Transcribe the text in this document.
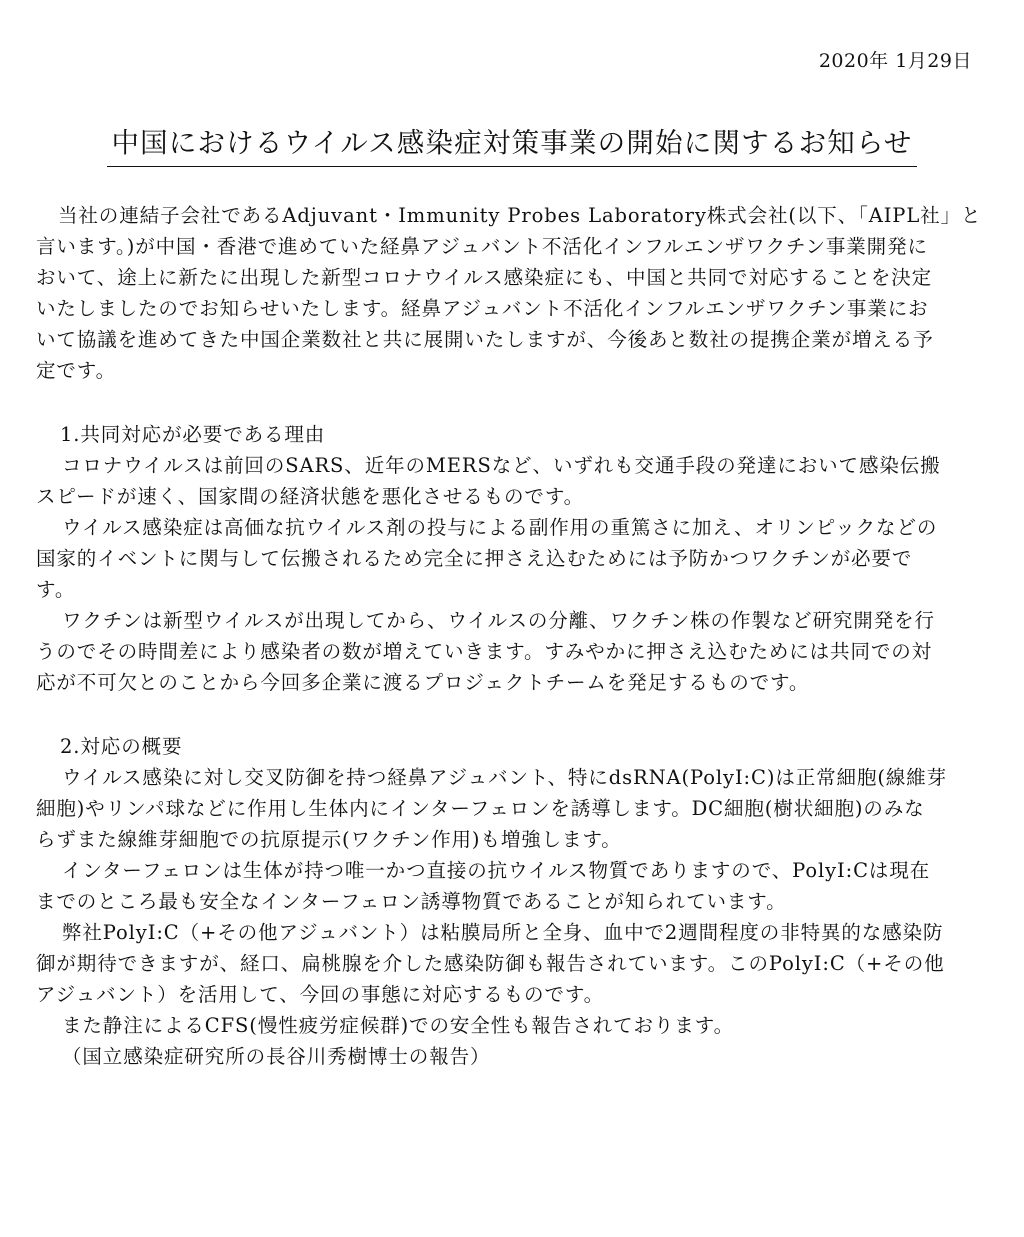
2020年 1月29日
中国におけるウイルス感染症対策事業の開始に関するお知らせ
当社の連結子会社であるAdjuvant・Immunity Probes Laboratory株式会社(以下、「AIPL社」と
言います。)が中国・香港で進めていた経鼻アジュバント不活化インフルエンザワクチン事業開発に
おいて、途上に新たに出現した新型コロナウイルス感染症にも、中国と共同で対応することを決定
いたしましたのでお知らせいたします。経鼻アジュバント不活化インフルエンザワクチン事業にお
いて協議を進めてきた中国企業数社と共に展開いたしますが、今後あと数社の提携企業が増える予
定です。
1.共同対応が必要である理由
コロナウイルスは前回のSARS、近年のMERSなど、いずれも交通手段の発達において感染伝搬
スピードが速く、国家間の経済状態を悪化させるものです。
ウイルス感染症は高価な抗ウイルス剤の投与による副作用の重篤さに加え、オリンピックなどの
国家的イベントに関与して伝搬されるため完全に押さえ込むためには予防かつワクチンが必要で
す。
ワクチンは新型ウイルスが出現してから、ウイルスの分離、ワクチン株の作製など研究開発を行
うのでその時間差により感染者の数が増えていきます。すみやかに押さえ込むためには共同での対
応が不可欠とのことから今回多企業に渡るプロジェクトチームを発足するものです。
2.対応の概要
ウイルス感染に対し交叉防御を持つ経鼻アジュバント、特にdsRNA(PolyI:C)は正常細胞(線維芽
細胞)やリンパ球などに作用し生体内にインターフェロンを誘導します。DC細胞(樹状細胞)のみな
らずまた線維芽細胞での抗原提示(ワクチン作用)も増強します。
インターフェロンは生体が持つ唯一かつ直接の抗ウイルス物質でありますので、PolyI:Cは現在
までのところ最も安全なインターフェロン誘導物質であることが知られています。
弊社PolyI:C（+その他アジュバント）は粘膜局所と全身、血中で2週間程度の非特異的な感染防
御が期待できますが、経口、扁桃腺を介した感染防御も報告されています。このPolyI:C（+その他
アジュバント）を活用して、今回の事態に対応するものです。
また静注によるCFS(慢性疲労症候群)での安全性も報告されております。
（国立感染症研究所の長谷川秀樹博士の報告）
